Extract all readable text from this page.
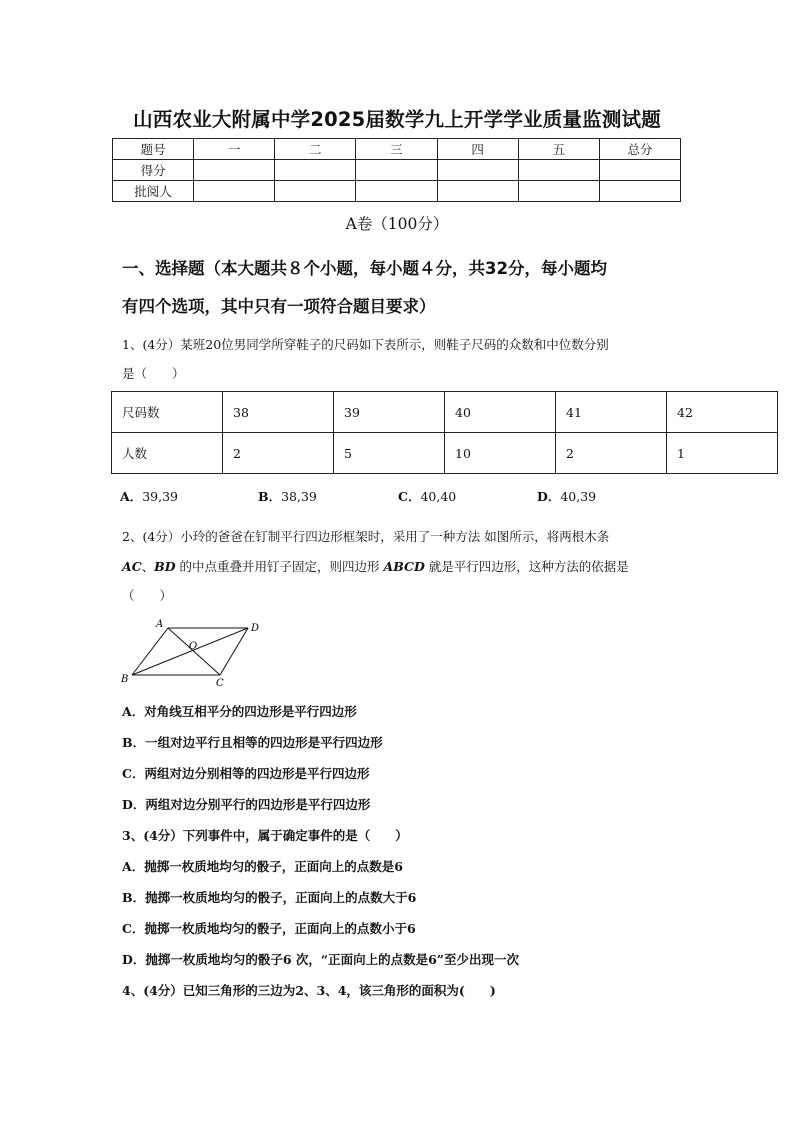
山西农业大附属中学2025届数学九上开学学业质量监测试题
题号	一	二	三	四	五	总分
得分						
批阅人						
A卷（100分）
一、选择题（本大题共８个小题，每小题４分，共32分，每小题均
有四个选项，其中只有一项符合题目要求）
1、(4分）某班20位男同学所穿鞋子的尺码如下表所示，则鞋子尺码的众数和中位数分别
是（　　）
尺码数	38	39	40	41	42
人数	2	5	10	2	1
A．39,39	B．38,39	C．40,40	D．40,39
2、(4分）小玲的爸爸在钉制平行四边形框架时，采用了一种方法 如图所示，将两根木条
AC、BD 的中点重叠并用钉子固定，则四边形 ABCD 就是平行四边形，这种方法的依据是
（　　）
A	D
B	C
O
A．对角线互相平分的四边形是平行四边形
B．一组对边平行且相等的四边形是平行四边形
C．两组对边分别相等的四边形是平行四边形
D．两组对边分别平行的四边形是平行四边形
3、(4分）下列事件中，属于确定事件的是（　　）
A．抛掷一枚质地均匀的骰子，正面向上的点数是6
B．抛掷一枚质地均匀的骰子，正面向上的点数大于6
C．抛掷一枚质地均匀的骰子，正面向上的点数小于6
D．抛掷一枚质地均匀的骰子6 次，“正面向上的点数是6”至少出现一次
4、(4分）已知三角形的三边为2、3、4，该三角形的面积为(　　)
